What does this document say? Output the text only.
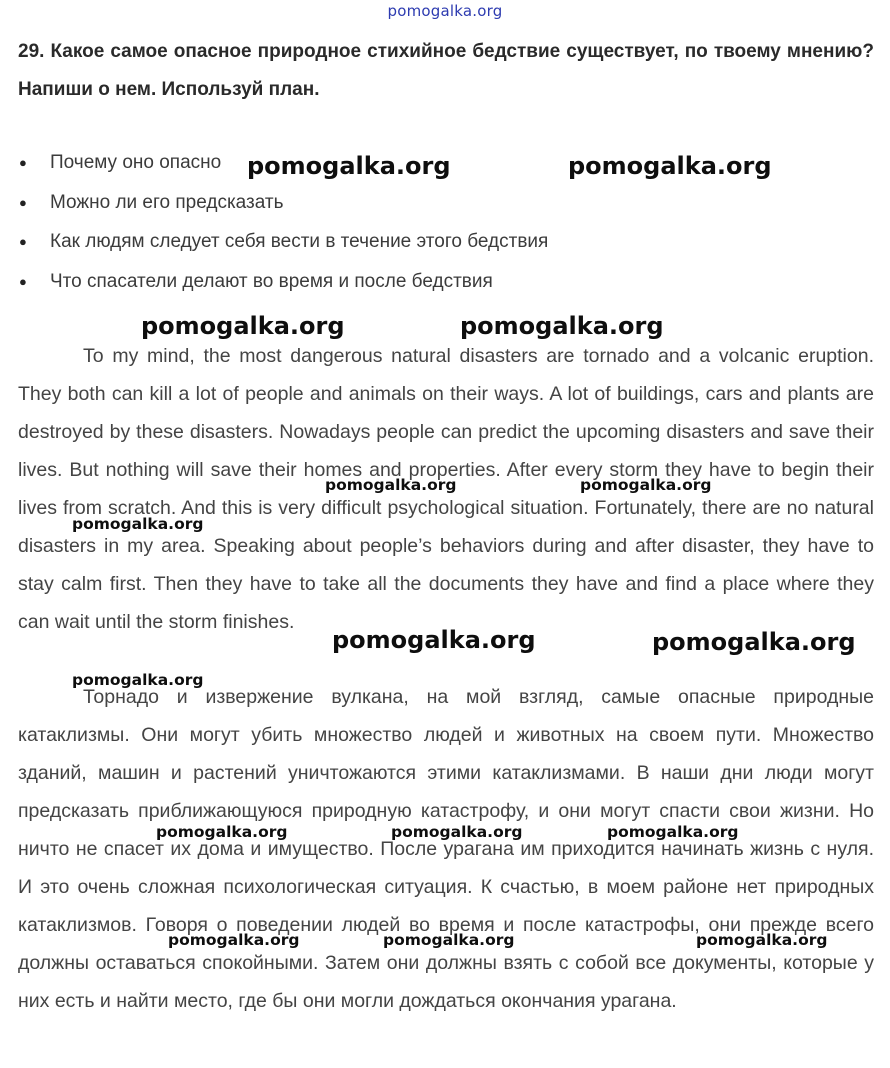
pomogalka.org
29. Какое самое опасное природное стихийное бедствие существует, по твоему мнению? Напиши о нем. Используй план.
● Почему оно опасно
● Можно ли его предсказать
● Как людям следует себя вести в течение этого бедствия
● Что спасатели делают во время и после бедствия

To my mind, the most dangerous natural disasters are tornado and a volcanic eruption. They both can kill a lot of people and animals on their ways. A lot of buildings, cars and plants are destroyed by these disasters. Nowadays people can predict the upcoming disasters and save their lives. But nothing will save their homes and properties. After every storm they have to begin their lives from scratch. And this is very difficult psychological situation. Fortunately, there are no natural disasters in my area. Speaking about people’s behaviors during and after disaster, they have to stay calm first. Then they have to take all the documents they have and find a place where they can wait until the storm finishes.

Торнадо и извержение вулкана, на мой взгляд, самые опасные природные катаклизмы. Они могут убить множество людей и животных на своем пути. Множество зданий, машин и растений уничтожаются этими катаклизмами. В наши дни люди могут предсказать приближающуюся природную катастрофу, и они могут спасти свои жизни. Но ничто не спасет их дома и имущество. После урагана им приходится начинать жизнь с нуля. И это очень сложная психологическая ситуация. К счастью, в моем районе нет природных катаклизмов. Говоря о поведении людей во время и после катастрофы, они прежде всего должны оставаться спокойными. Затем они должны взять с собой все документы, которые у них есть и найти место, где бы они могли дождаться окончания урагана.

pomogalka.org	pomogalka.org
pomogalka.org	pomogalka.org
pomogalka.org	pomogalka.org
pomogalka.org
pomogalka.org	pomogalka.org
pomogalka.org
pomogalka.org	pomogalka.org	pomogalka.org
pomogalka.org	pomogalka.org	pomogalka.org
